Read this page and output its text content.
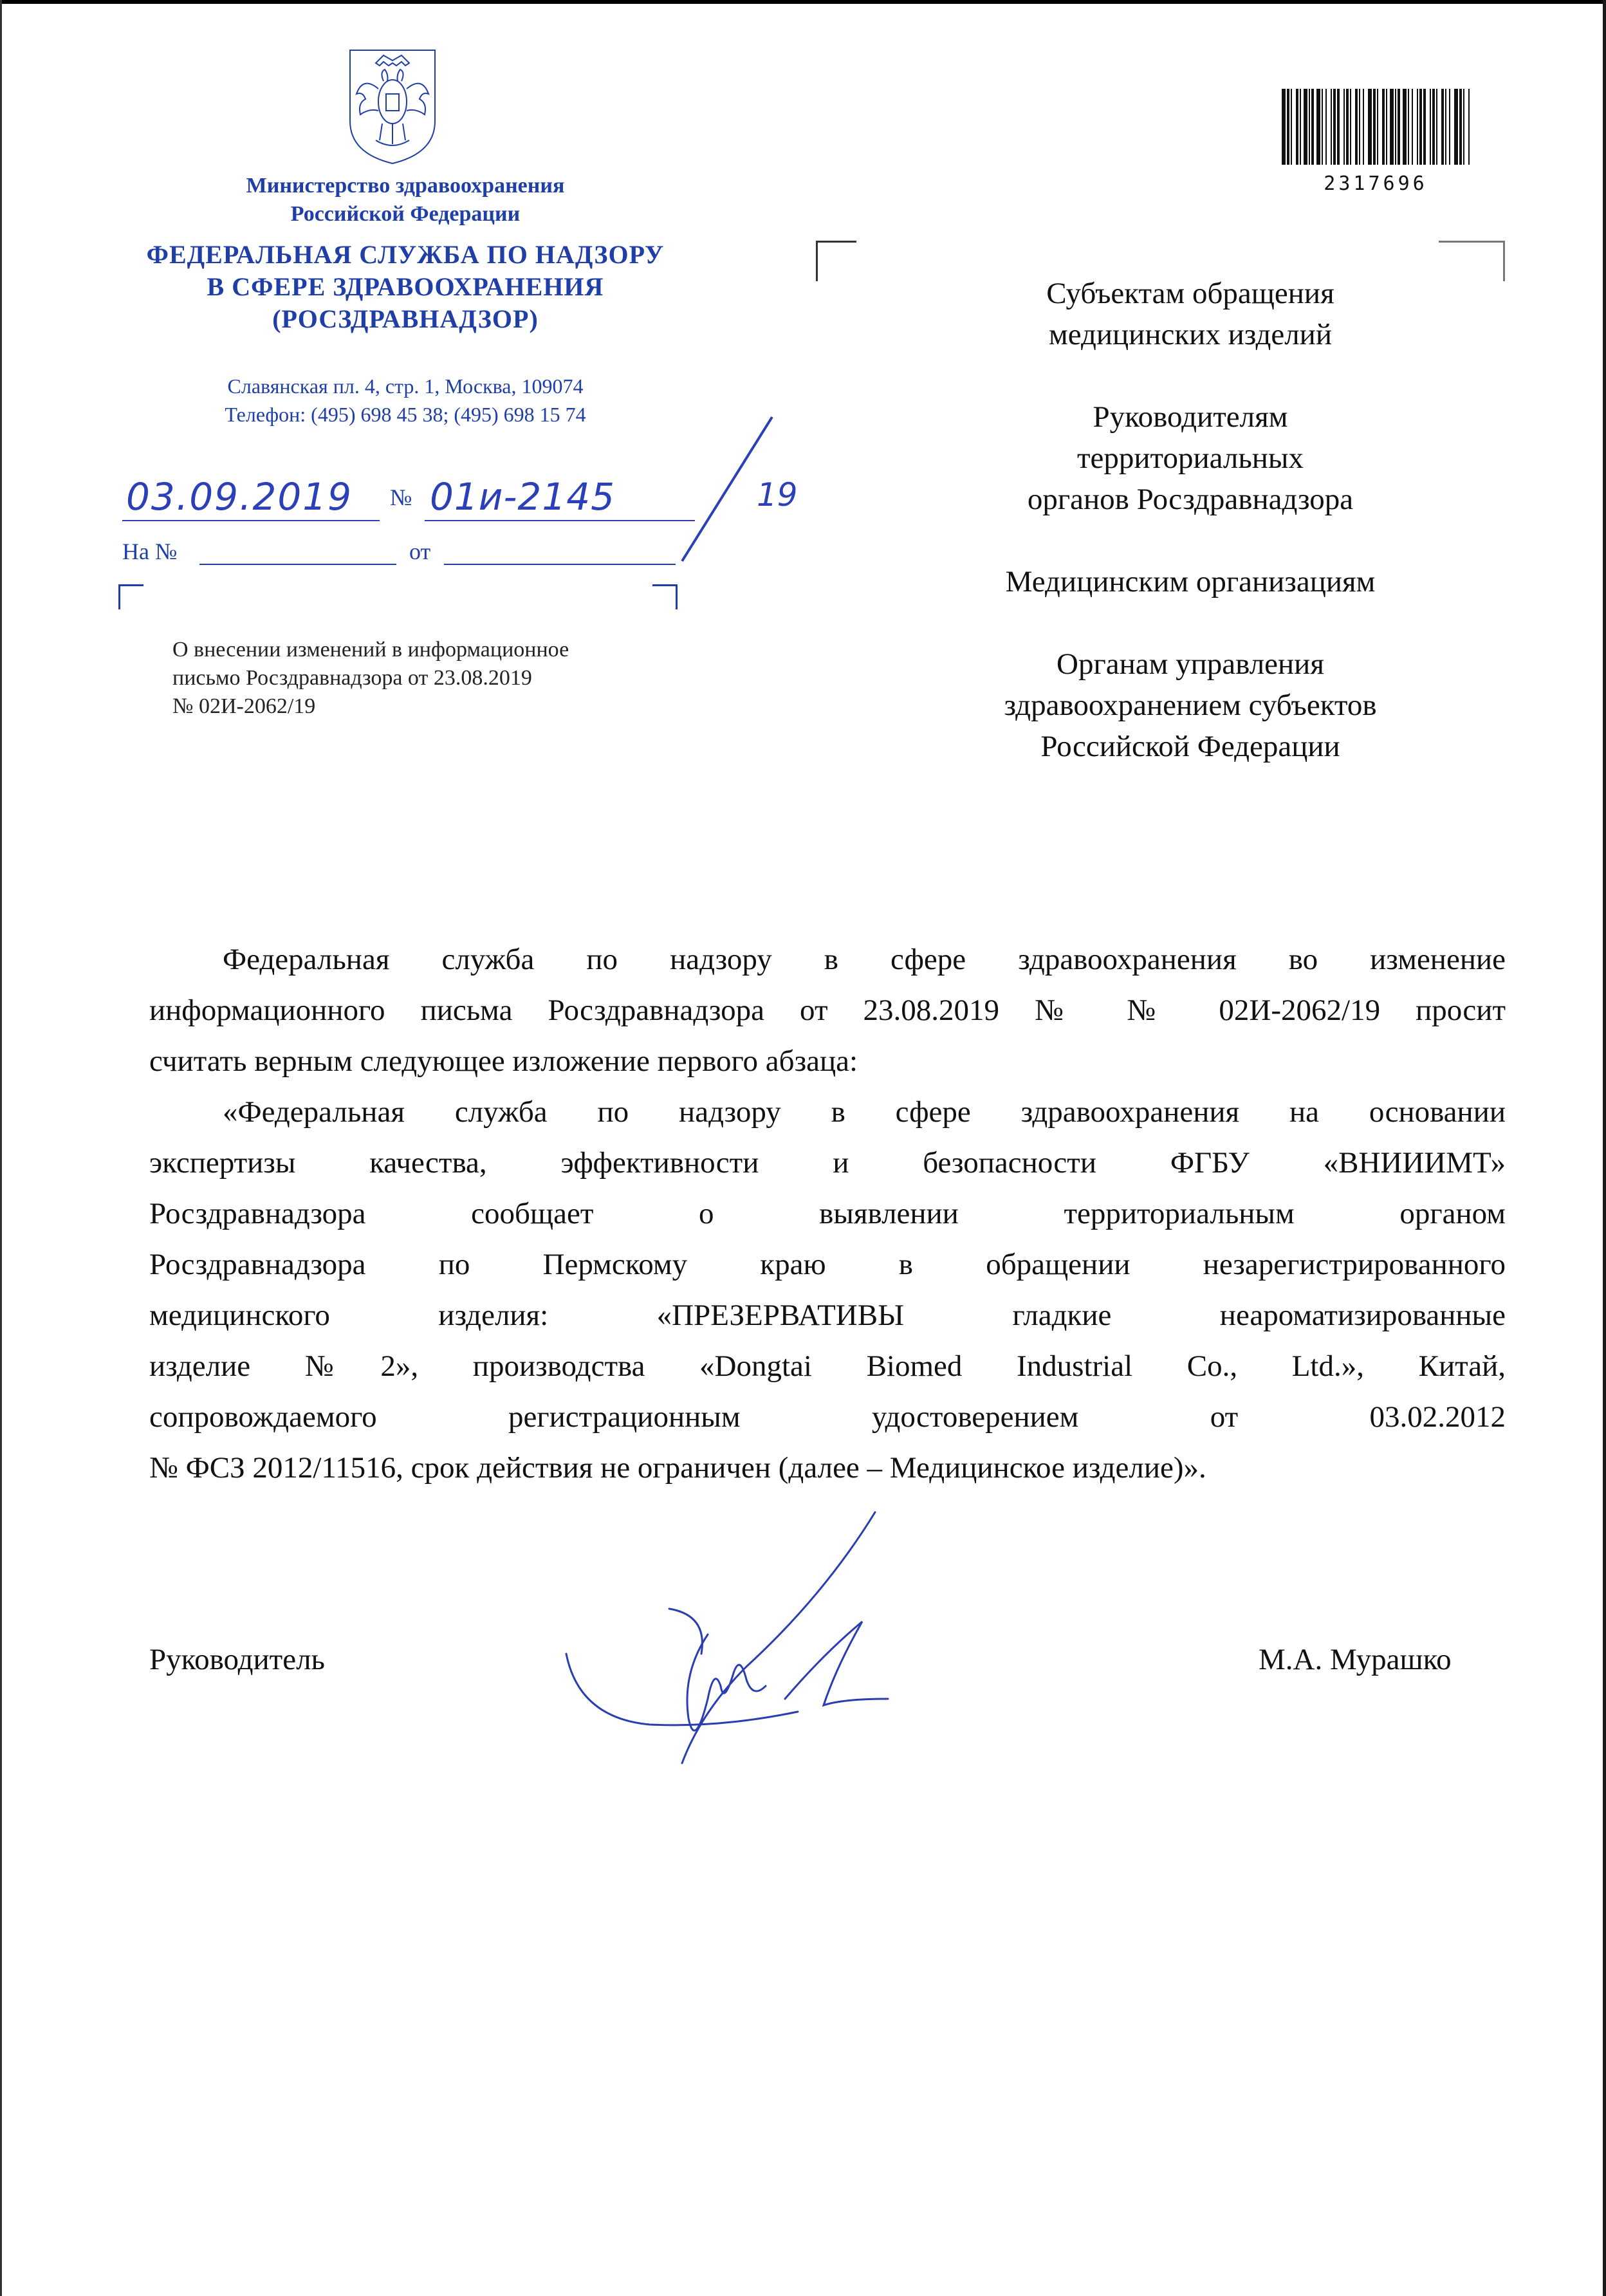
Министерство здравоохранения
Российской Федерации
ФЕДЕРАЛЬНАЯ СЛУЖБА ПО НАДЗОРУ
В СФЕРЕ ЗДРАВООХРАНЕНИЯ
(РОСЗДРАВНАДЗОР)
Славянская пл. 4, стр. 1, Москва, 109074
Телефон: (495) 698 45 38; (495) 698 15 74
03.09.2019 № 01и-2145	19
На №	от
О внесении изменений в информационное
письмо Росздравнадзора от 23.08.2019
№ 02И-2062/19
2317696
Субъектам обращения
медицинских изделий
Руководителям
территориальных
органов Росздравнадзора
Медицинским организациям
Органам управления
здравоохранением субъектов
Российской Федерации
Федеральная служба по надзору в сфере здравоохранения во изменение
информационного письма Росздравнадзора от 23.08.2019 № № 02И-2062/19 просит
считать верным следующее изложение первого абзаца:
«Федеральная служба по надзору в сфере здравоохранения на основании
экспертизы качества, эффективности и безопасности ФГБУ «ВНИИИМТ»
Росздравнадзора сообщает о выявлении территориальным органом
Росздравнадзора по Пермскому краю в обращении незарегистрированного
медицинского изделия: «ПРЕЗЕРВАТИВЫ гладкие неароматизированные
изделие №2», производства «Dongtai Biomed Industrial Co., Ltd.», Китай,
сопровождаемого регистрационным удостоверением от 03.02.2012
№ ФСЗ 2012/11516, срок действия не ограничен (далее – Медицинское изделие)».
Руководитель	М.А. Мурашко
